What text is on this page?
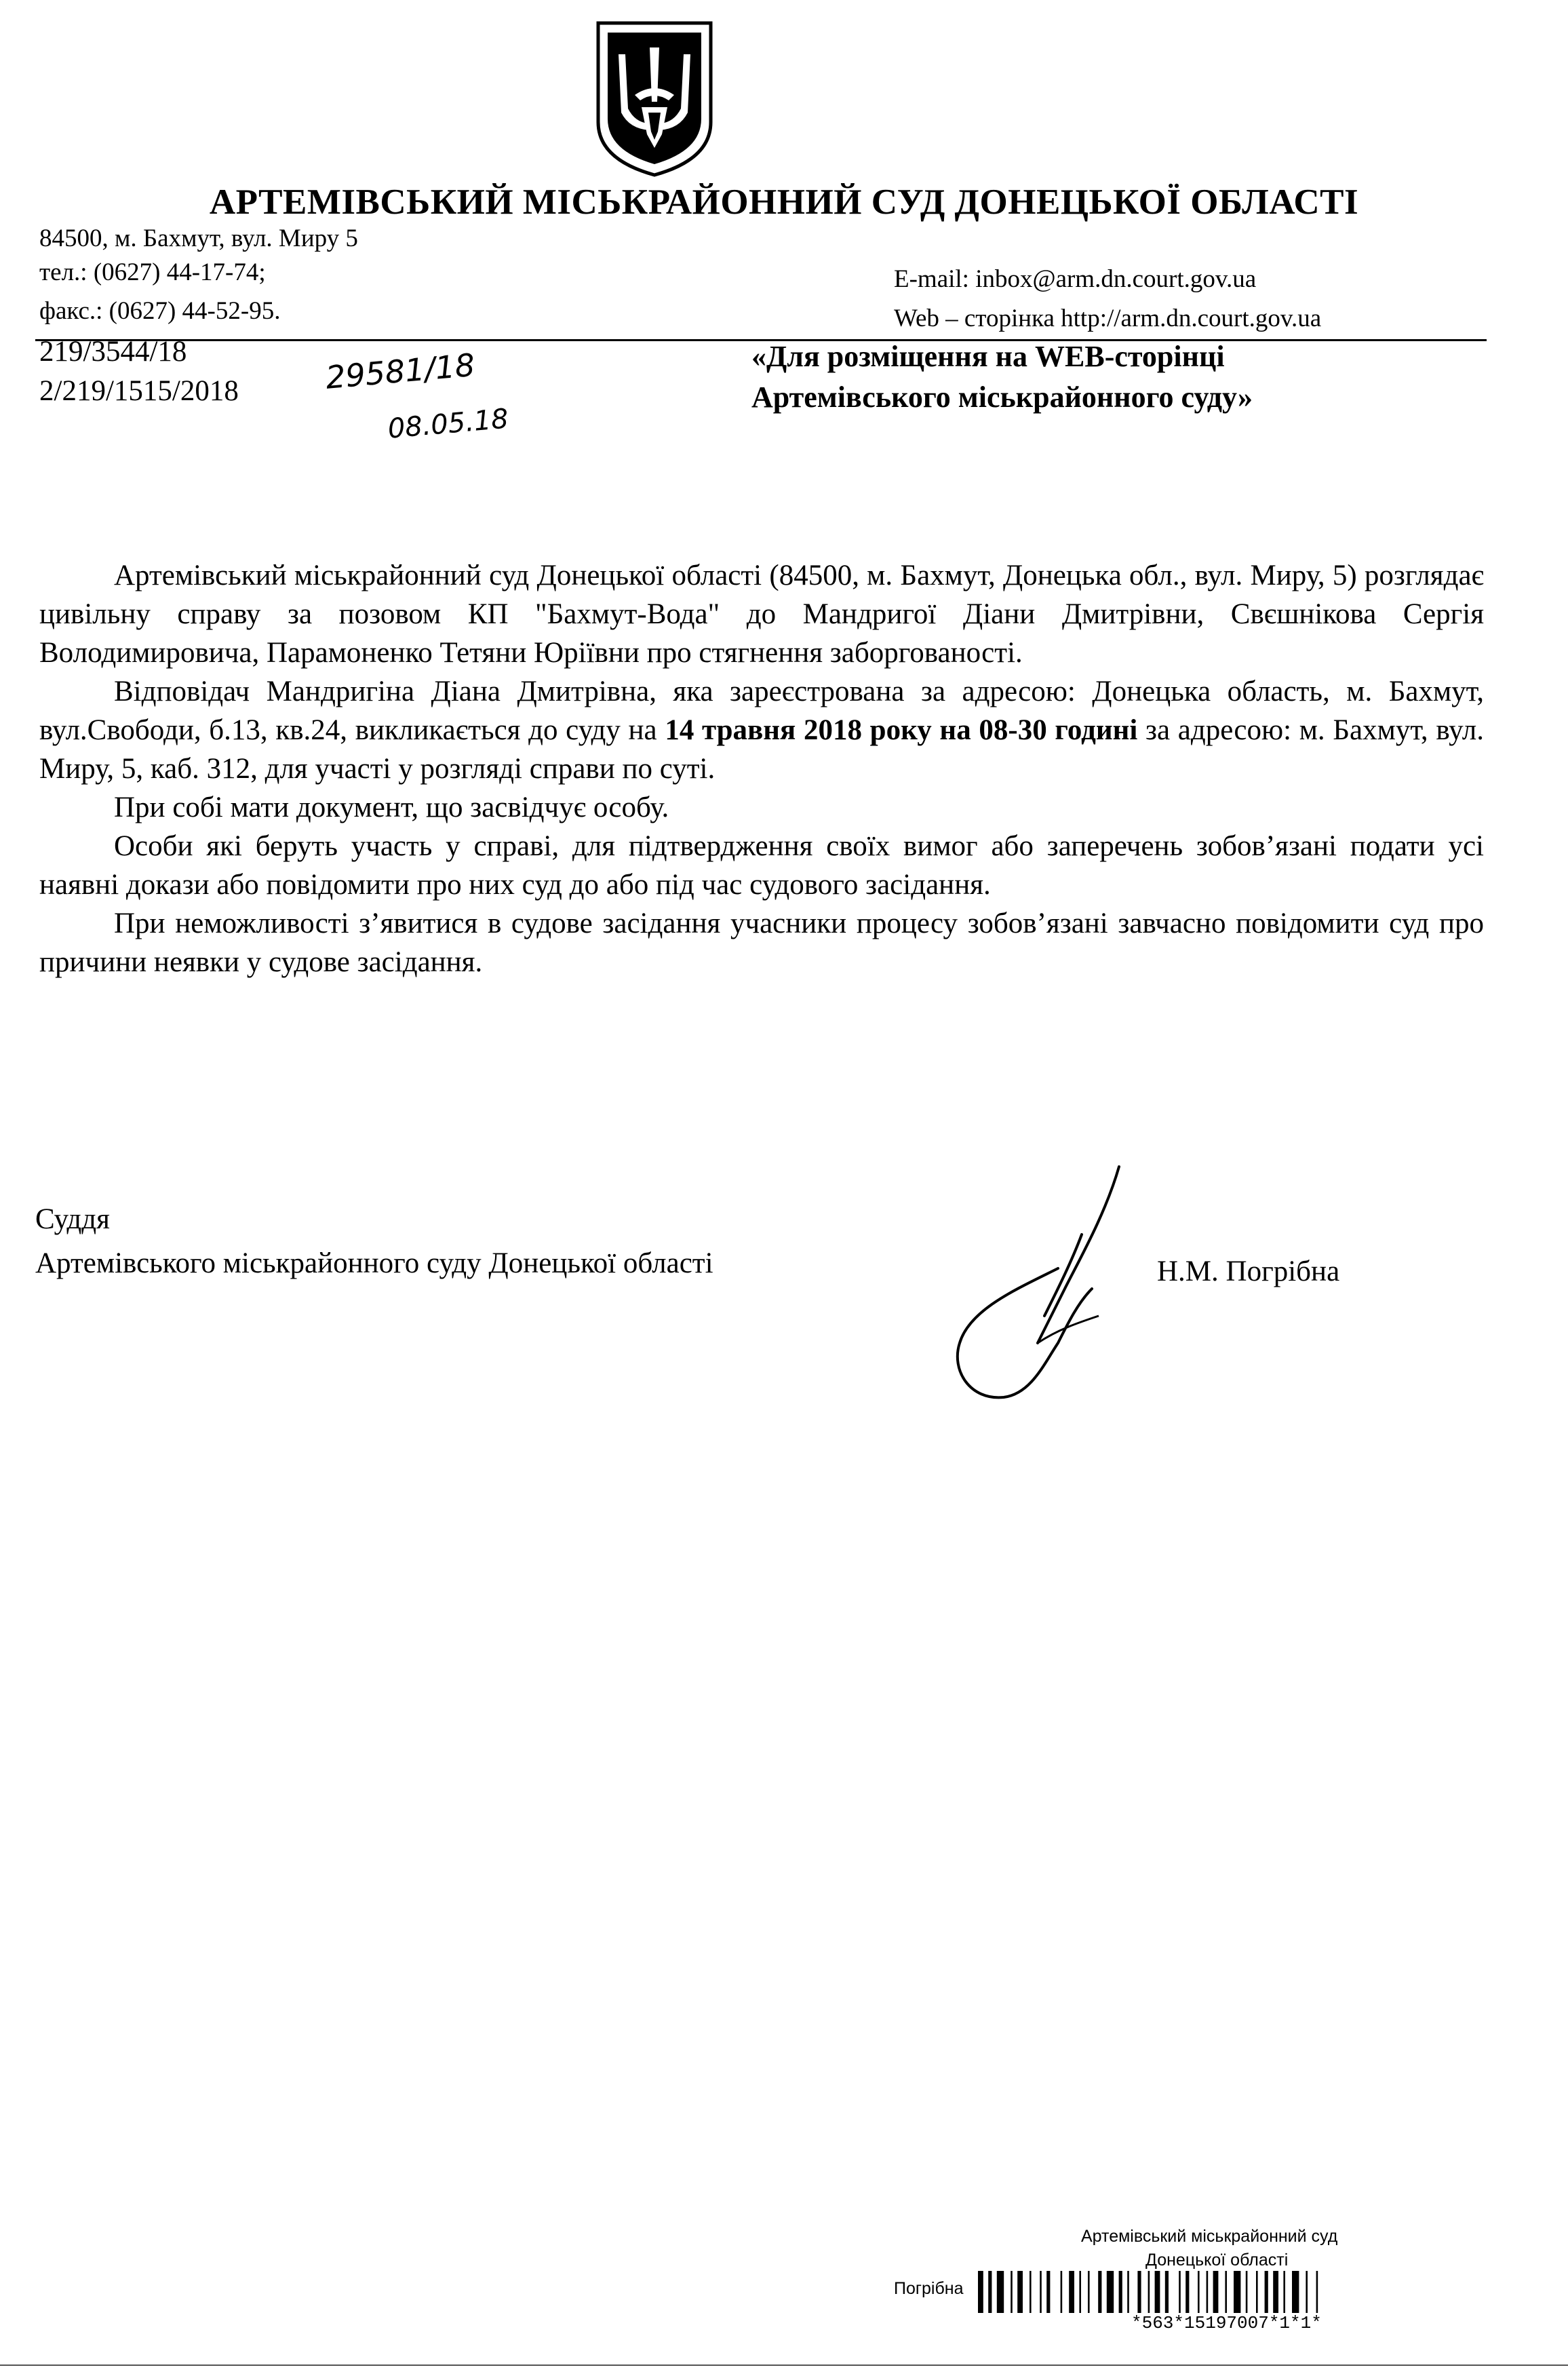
АРТЕМІВСЬКИЙ МІСЬКРАЙОННИЙ СУД ДОНЕЦЬКОЇ ОБЛАСТІ
84500, м. Бахмут, вул. Миру 5
тел.: (0627) 44-17-74;
факс.: (0627) 44-52-95.
E-mail: inbox@arm.dn.court.gov.ua
Web – сторінка http://arm.dn.court.gov.ua
219/3544/18
2/219/1515/2018	29581/18
08.05.18
«Для розміщення на WEB-сторінці
Артемівського міськрайонного суду»

Артемівський міськрайонний суд Донецької області (84500, м. Бахмут, Донецька обл., вул. Миру, 5) розглядає цивільну справу за позовом КП "Бахмут-Вода" до Мандригої Діани Дмитрівни, Свєшнікова Сергія Володимировича, Парамоненко Тетяни Юріївни про стягнення заборгованості.

Відповідач Мандригіна Діана Дмитрівна, яка зареєстрована за адресою: Донецька область, м. Бахмут, вул.Свободи, б.13, кв.24, викликається до суду на 14 травня 2018 року на 08-30 годині за адресою: м. Бахмут, вул. Миру, 5, каб. 312, для участі у розгляді справи по суті.

При собі мати документ, що засвідчує особу.

Особи які беруть участь у справі, для підтвердження своїх вимог або заперечень зобов’язані подати усі наявні докази або повідомити про них суд до або під час судового засідання.

При неможливості з’явитися в судове засідання учасники процесу зобов’язані завчасно повідомити суд про причини неявки у судове засідання.

Суддя
Артемівського міськрайонного суду Донецької області	Н.М. Погрібна
Артемівський міськрайонний суд
Донецької області
Погрібна
*563*15197007*1*1*
